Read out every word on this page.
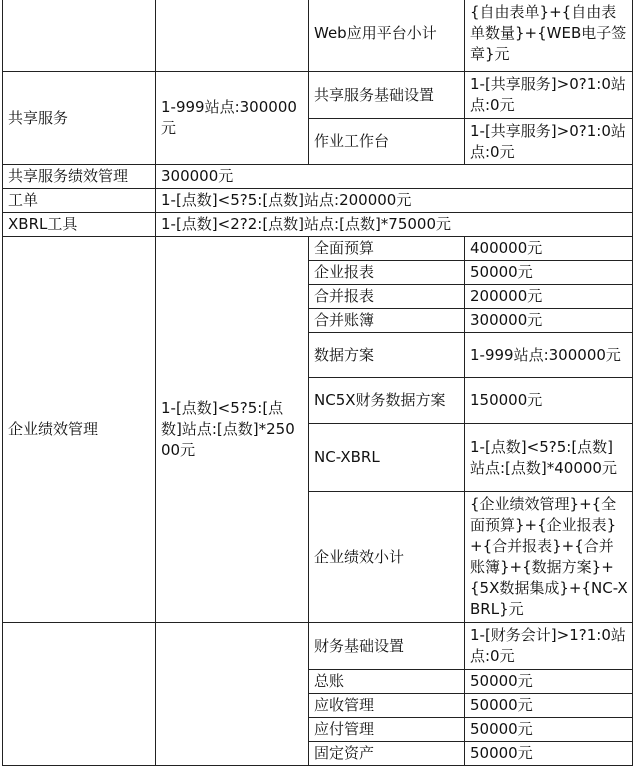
		Web应用平台小计	{自由表单}+{自由表单数量}+{WEB电子签章}元
共享服务	1-999站点:300000元	共享服务基础设置	1-[共享服务]>0?1:0站点:0元
		作业工作台	1-[共享服务]>0?1:0站点:0元
共享服务绩效管理	300000元		
工单	1-[点数]<5?5:[点数]站点:200000元		
XBRL工具	1-[点数]<2?2:[点数]站点:[点数]*75000元		
企业绩效管理	1-[点数]<5?5:[点数]站点:[点数]*25000元	全面预算	400000元
		企业报表	50000元
		合并报表	200000元
		合并账簿	300000元
		数据方案	1-999站点:300000元
		NC5X财务数据方案	150000元
		NC-XBRL	1-[点数]<5?5:[点数]站点:[点数]*40000元
		企业绩效小计	{企业绩效管理}+{全面预算}+{企业报表}+{合并报表}+{合并账簿}+{数据方案}+{5X数据集成}+{NC-XBRL}元
		财务基础设置	1-[财务会计]>1?1:0站点:0元
		总账	50000元
		应收管理	50000元
		应付管理	50000元
		固定资产	50000元
